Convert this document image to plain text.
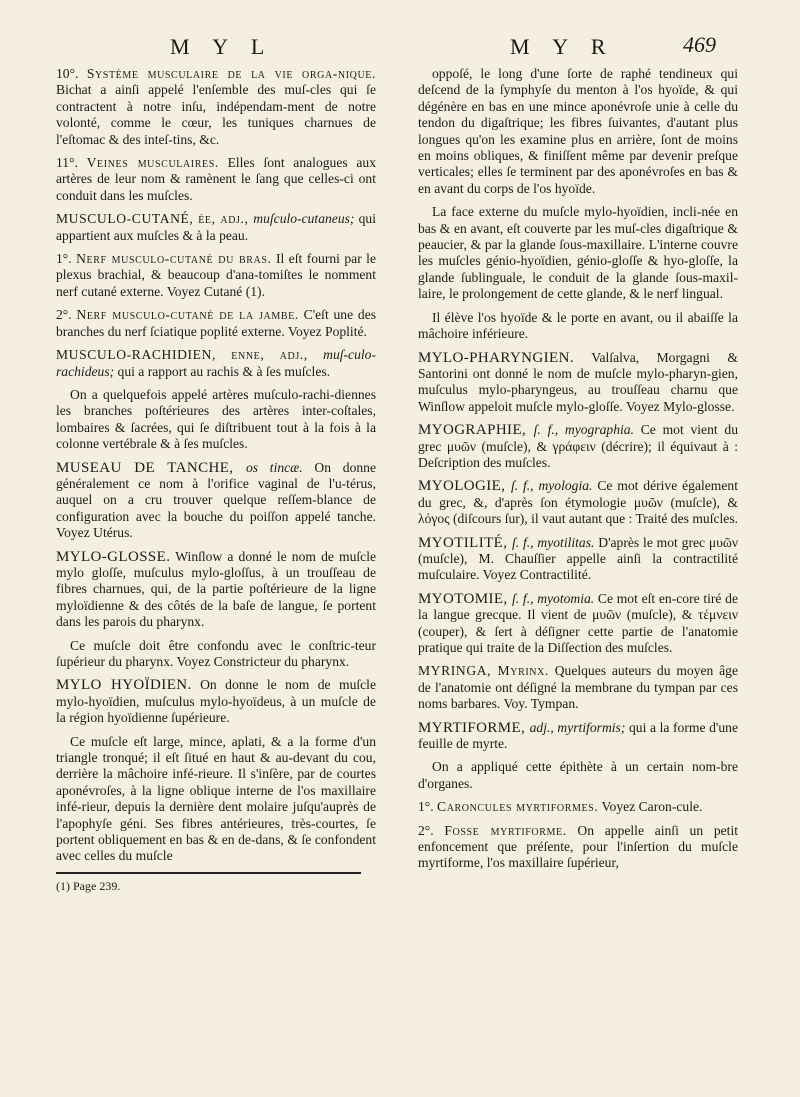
M Y L	M Y R	469

10°. Système musculaire de la vie orga-nique. Bichat a ainſi appelé l'enſemble des muſ-cles qui ſe contractent à notre inſu, indépendam-ment de notre volonté, comme le cœur, les tuniques charnues de l'eſtomac & des inteſ-tins, &c.

11°. Veines musculaires. Elles ſont analogues aux artères de leur nom & ramènent le ſang que celles-ci ont conduit dans les muſcles.

MUSCULO-CUTANÉ, ée, adj., muſculo-cutaneus; qui appartient aux muſcles & à la peau.

1°. Nerf musculo-cutané du bras. Il eſt fourni par le plexus brachial, & beaucoup d'ana-tomiſtes le nomment nerf cutané externe. Voyez Cutané (1).

2°. Nerf musculo-cutané de la jambe. C'eſt une des branches du nerf ſciatique poplité externe. Voyez Poplité.

MUSCULO-RACHIDIEN, enne, adj., muſ-culo-rachideus; qui a rapport au rachis & à ſes muſcles.

On a quelquefois appelé artères muſculo-rachi-diennes les branches poſtérieures des artères inter-coſtales, lombaires & ſacrées, qui ſe diſtribuent tout à la fois à la colonne vertébrale & à ſes muſcles.

MUSEAU DE TANCHE, os tincæ. On donne généralement ce nom à l'orifice vaginal de l'u-térus, auquel on a cru trouver quelque reſſem-blance de configuration avec la bouche du poiſſon appelé tanche. Voyez Utérus.

MYLO-GLOSSE. Winſlow a donné le nom de muſcle mylo gloſſe, muſculus mylo-gloſſus, à un trouſſeau de fibres charnues, qui, de la partie poſtérieure de la ligne myloïdienne & des côtés de la baſe de langue, ſe portent dans les parois du pharynx.

Ce muſcle doit être confondu avec le conſtric-teur ſupérieur du pharynx. Voyez Constricteur du pharynx.

MYLO HYOÏDIEN. On donne le nom de muſcle mylo-hyoïdien, muſculus mylo-hyoïdeus, à un muſcle de la région hyoïdienne ſupérieure.

Ce muſcle eſt large, mince, aplati, & a la forme d'un triangle tronqué; il eſt ſitué en haut & au-devant du cou, derrière la mâchoire infé-rieure. Il s'inſère, par de courtes aponévroſes, à la ligne oblique interne de l'os maxillaire infé-rieur, depuis la dernière dent molaire juſqu'auprès de l'apophyſe géni. Ses fibres antérieures, très-courtes, ſe portent obliquement en bas & en de-dans, & ſe confondent avec celles du muſcle

(1) Page 239.

oppoſé, le long d'une ſorte de raphé tendineux qui deſcend de la ſymphyſe du menton à l'os hyoïde, & qui dégénère en bas en une mince aponévroſe unie à celle du tendon du digaſtrique; les fibres ſuivantes, d'autant plus longues qu'on les examine plus en arrière, ſont de moins en moins obliques, & finiſſent même par devenir preſque verticales; elles ſe terminent par des aponévroſes en bas & en avant du corps de l'os hyoïde.

La face externe du muſcle mylo-hyoïdien, incli-née en bas & en avant, eſt couverte par les muſ-cles digaſtrique & peaucier, & par la glande ſous-maxillaire. L'interne couvre les muſcles génio-hyoïdien, génio-gloſſe & hyo-gloſſe, la glande ſublinguale, le conduit de la glande ſous-maxil-laire, le prolongement de cette glande, & le nerf lingual.

Il élève l'os hyoïde & le porte en avant, ou il abaiſſe la mâchoire inférieure.

MYLO-PHARYNGIEN. Valſalva, Morgagni & Santorini ont donné le nom de muſcle mylo-pharyn-gien, muſculus mylo-pharyngeus, au trouſſeau charnu que Winſlow appeloit muſcle mylo-gloſſe. Voyez Mylo-glosse.

MYOGRAPHIE, ſ. f., myographia. Ce mot vient du grec μυῶν (muſcle), & γράφειν (décrire); il équivaut à : Deſcription des muſcles.

MYOLOGIE, ſ. f., myologia. Ce mot dérive également du grec, &, d'après ſon étymologie μυῶν (muſcle), & λόγος (diſcours ſur), il vaut autant que : Traité des muſcles.

MYOTILITÉ, ſ. f., myotilitas. D'après le mot grec μυῶν (muſcle), M. Chauſſier appelle ainſi la contractilité muſculaire. Voyez Contractilité.

MYOTOMIE, ſ. f., myotomia. Ce mot eſt en-core tiré de la langue grecque. Il vient de μυῶν (muſcle), & τέμνειν (couper), & ſert à déſigner cette partie de l'anatomie pratique qui traite de la Diſſection des muſcles.

MYRINGA, Myrinx. Quelques auteurs du moyen âge de l'anatomie ont déſigné la membrane du tympan par ces noms barbares. Voy. Tympan.

MYRTIFORME, adj., myrtiformis; qui a la forme d'une feuille de myrte.

On a appliqué cette épithète à un certain nom-bre d'organes.

1°. Caroncules myrtiformes. Voyez Caron-cule.

2°. Fosse myrtiforme. On appelle ainſi un petit enfoncement que préſente, pour l'inſertion du muſcle myrtiforme, l'os maxillaire ſupérieur,
